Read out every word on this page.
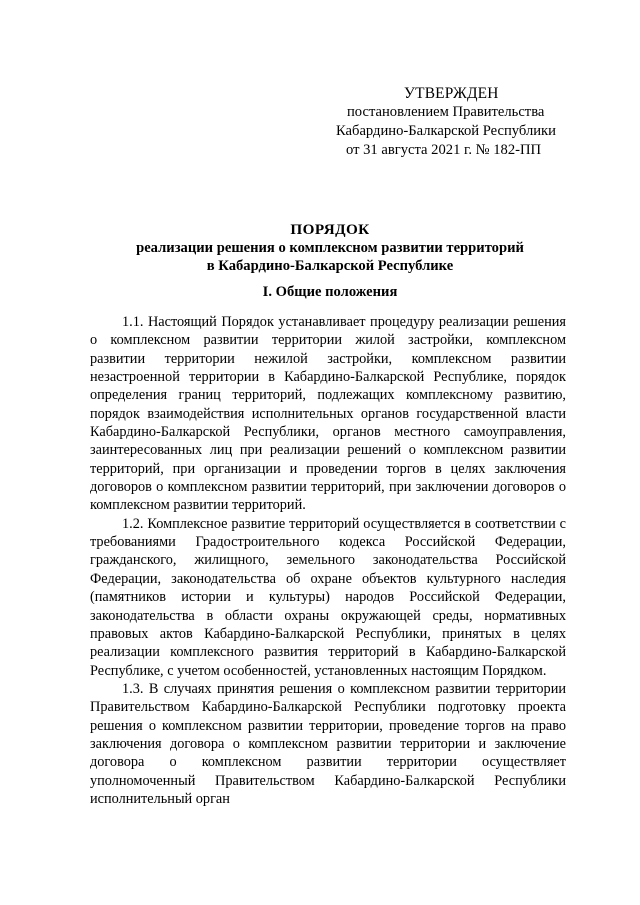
УТВЕРЖДЕН
постановлением Правительства
Кабардино-Балкарской Республики
от 31 августа 2021 г. № 182-ПП
ПОРЯДОК
реализации решения о комплексном развитии территорий
в Кабардино-Балкарской Республике
I. Общие положения

1.1. Настоящий Порядок устанавливает процедуру реализации решения о комплексном развитии территории жилой застройки, комплексном развитии территории нежилой застройки, комплексном развитии незастроенной территории в Кабардино-Балкарской Республике, порядок определения границ территорий, подлежащих комплексному развитию, порядок взаимодействия исполнительных органов государственной власти Кабардино-Балкарской Республики, органов местного самоуправления, заинтересованных лиц при реализации решений о комплексном развитии территорий, при организации и проведении торгов в целях заключения договоров о комплексном развитии территорий, при заключении договоров о комплексном развитии территорий.

1.2. Комплексное развитие территорий осуществляется в соответствии с требованиями Градостроительного кодекса Российской Федерации, гражданского, жилищного, земельного законодательства Российской Федерации, законодательства об охране объектов культурного наследия (памятников истории и культуры) народов Российской Федерации, законодательства в области охраны окружающей среды, нормативных правовых актов Кабардино-Балкарской Республики, принятых в целях реализации комплексного развития территорий в Кабардино-Балкарской Республике, с учетом особенностей, установленных настоящим Порядком.

1.3. В случаях принятия решения о комплексном развитии территории Правительством Кабардино-Балкарской Республики подготовку проекта решения о комплексном развитии территории, проведение торгов на право заключения договора о комплексном развитии территории и заключение договора о комплексном развитии территории осуществляет уполномоченный Правительством Кабардино-Балкарской Республики исполнительный орган
